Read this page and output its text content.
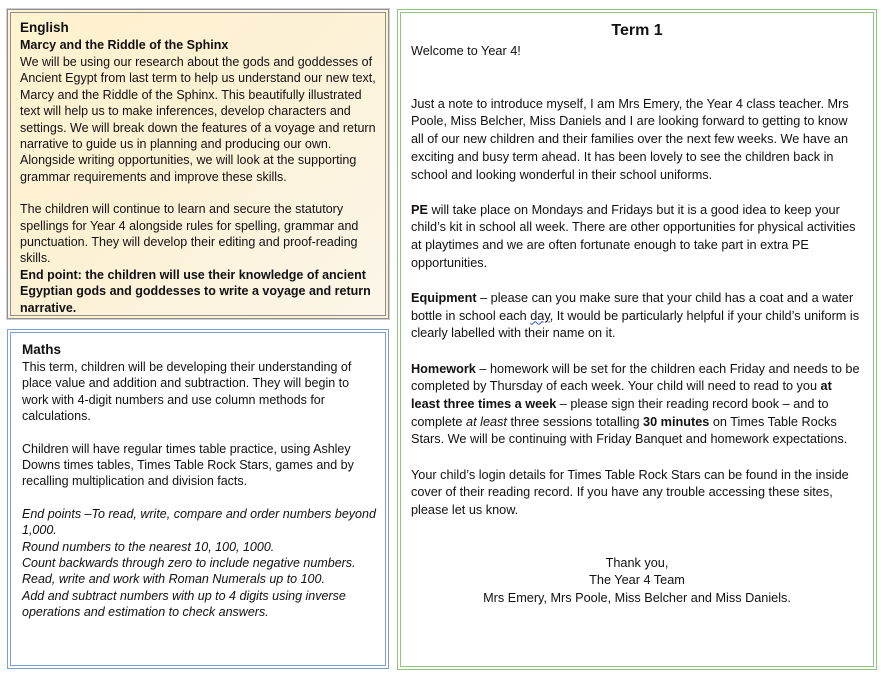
English
Marcy and the Riddle of the Sphinx

We will be using our research about the gods and goddesses of Ancient Egypt from last term to help us understand our new text, Marcy and the Riddle of the Sphinx. This beautifully illustrated text will help us to make inferences, develop characters and settings. We will break down the features of a voyage and return narrative to guide us in planning and producing our own. Alongside writing opportunities, we will look at the supporting grammar requirements and improve these skills.

The children will continue to learn and secure the statutory spellings for Year 4 alongside rules for spelling, grammar and punctuation. They will develop their editing and proof-reading skills.

End point: the children will use their knowledge of ancient Egyptian gods and goddesses to write a voyage and return narrative.

Maths

This term, children will be developing their understanding of place value and addition and subtraction. They will begin to work with 4-digit numbers and use column methods for calculations.

Children will have regular times table practice, using Ashley Downs times tables, Times Table Rock Stars, games and by recalling multiplication and division facts.

End points –To read, write, compare and order numbers beyond 1,000.

Round numbers to the nearest 10, 100, 1000.

Count backwards through zero to include negative numbers.

Read, write and work with Roman Numerals up to 100.

Add and subtract numbers with up to 4 digits using inverse operations and estimation to check answers.

Term 1

Welcome to Year 4!

Just a note to introduce myself, I am Mrs Emery, the Year 4 class teacher. Mrs Poole, Miss Belcher, Miss Daniels and I are looking forward to getting to know all of our new children and their families over the next few weeks. We have an exciting and busy term ahead. It has been lovely to see the children back in school and looking wonderful in their school uniforms.

PE will take place on Mondays and Fridays but it is a good idea to keep your child’s kit in school all week. There are other opportunities for physical activities at playtimes and we are often fortunate enough to take part in extra PE opportunities.

Equipment – please can you make sure that your child has a coat and a water bottle in school each day, It would be particularly helpful if your child’s uniform is clearly labelled with their name on it.

Homework – homework will be set for the children each Friday and needs to be completed by Thursday of each week. Your child will need to read to you at least three times a week – please sign their reading record book – and to complete at least three sessions totalling 30 minutes on Times Table Rocks Stars. We will be continuing with Friday Banquet and homework expectations.

Your child’s login details for Times Table Rock Stars can be found in the inside cover of their reading record. If you have any trouble accessing these sites, please let us know.

Thank you,

The Year 4 Team

Mrs Emery, Mrs Poole, Miss Belcher and Miss Daniels.
